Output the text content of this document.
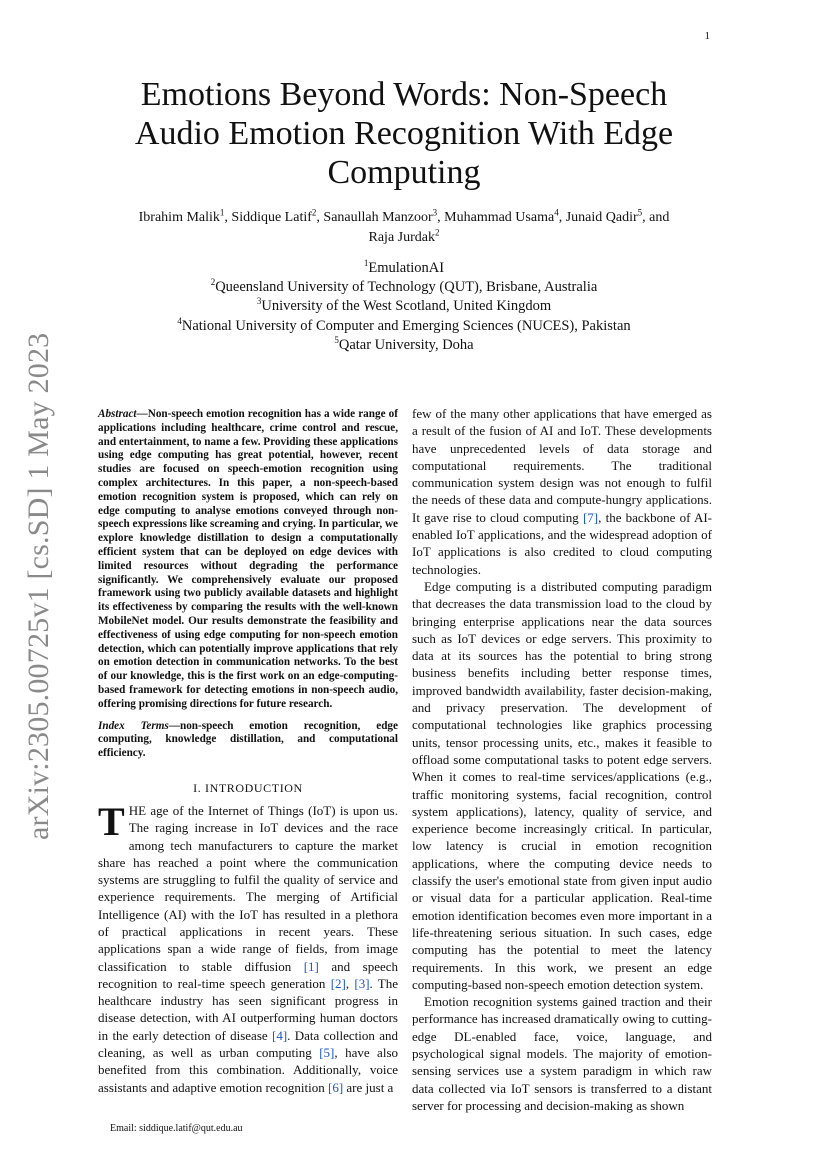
1
arXiv:2305.00725v1 [cs.SD] 1 May 2023
Emotions Beyond Words: Non-Speech Audio Emotion Recognition With Edge Computing
Ibrahim Malik$^1$, Siddique Latif$^2$, Sanaullah Manzoor$^3$, Muhammad Usama$^4$, Junaid Qadir$^5$, and
Raja Jurdak$^2$
$^1$EmulationAI
$^2$Queensland University of Technology (QUT), Brisbane, Australia
$^3$University of the West Scotland, United Kingdom
$^4$National University of Computer and Emerging Sciences (NUCES), Pakistan
$^5$Qatar University, Doha

Abstract—Non-speech emotion recognition has a wide range of applications including healthcare, crime control and rescue, and entertainment, to name a few. Providing these applications using edge computing has great potential, however, recent studies are focused on speech-emotion recognition using complex architectures. In this paper, a non-speech-based emotion recognition system is proposed, which can rely on edge computing to analyse emotions conveyed through non-speech expressions like screaming and crying. In particular, we explore knowledge distillation to design a computationally efficient system that can be deployed on edge devices with limited resources without degrading the performance significantly. We comprehensively evaluate our proposed framework using two publicly available datasets and highlight its effectiveness by comparing the results with the well-known MobileNet model. Our results demonstrate the feasibility and effectiveness of using edge computing for non-speech emotion detection, which can potentially improve applications that rely on emotion detection in communication networks. To the best of our knowledge, this is the first work on an edge-computing-based framework for detecting emotions in non-speech audio, offering promising directions for future research.

Index Terms—non-speech emotion recognition, edge computing, knowledge distillation, and computational efficiency.
I. INTRODUCTION

THE age of the Internet of Things (IoT) is upon us. The raging increase in IoT devices and the race among tech manufacturers to capture the market share has reached a point where the communication systems are struggling to fulfil the quality of service and experience requirements. The merging of Artificial Intelligence (AI) with the IoT has resulted in a plethora of practical applications in recent years. These applications span a wide range of fields, from image classification to stable diffusion [1] and speech recognition to real-time speech generation [2], [3]. The healthcare industry has seen significant progress in disease detection, with AI outperforming human doctors in the early detection of disease [4]. Data collection and cleaning, as well as urban computing [5], have also benefited from this combination. Additionally, voice assistants and adaptive emotion recognition [6] are just a

few of the many other applications that have emerged as a result of the fusion of AI and IoT. These developments have unprecedented levels of data storage and computational requirements. The traditional communication system design was not enough to fulfil the needs of these data and compute-hungry applications. It gave rise to cloud computing [7], the backbone of AI-enabled IoT applications, and the widespread adoption of IoT applications is also credited to cloud computing technologies.

Edge computing is a distributed computing paradigm that decreases the data transmission load to the cloud by bringing enterprise applications near the data sources such as IoT devices or edge servers. This proximity to data at its sources has the potential to bring strong business benefits including better response times, improved bandwidth availability, faster decision-making, and privacy preservation. The development of computational technologies like graphics processing units, tensor processing units, etc., makes it feasible to offload some computational tasks to potent edge servers. When it comes to real-time services/applications (e.g., traffic monitoring systems, facial recognition, control system applications), latency, quality of service, and experience become increasingly critical. In particular, low latency is crucial in emotion recognition applications, where the computing device needs to classify the user's emotional state from given input audio or visual data for a particular application. Real-time emotion identification becomes even more important in a life-threatening serious situation. In such cases, edge computing has the potential to meet the latency requirements. In this work, we present an edge computing-based non-speech emotion detection system.

Emotion recognition systems gained traction and their performance has increased dramatically owing to cutting-edge DL-enabled face, voice, language, and psychological signal models. The majority of emotion-sensing services use a system paradigm in which raw data collected via IoT sensors is transferred to a distant server for processing and decision-making as shown

Email: siddique.latif@qut.edu.au
